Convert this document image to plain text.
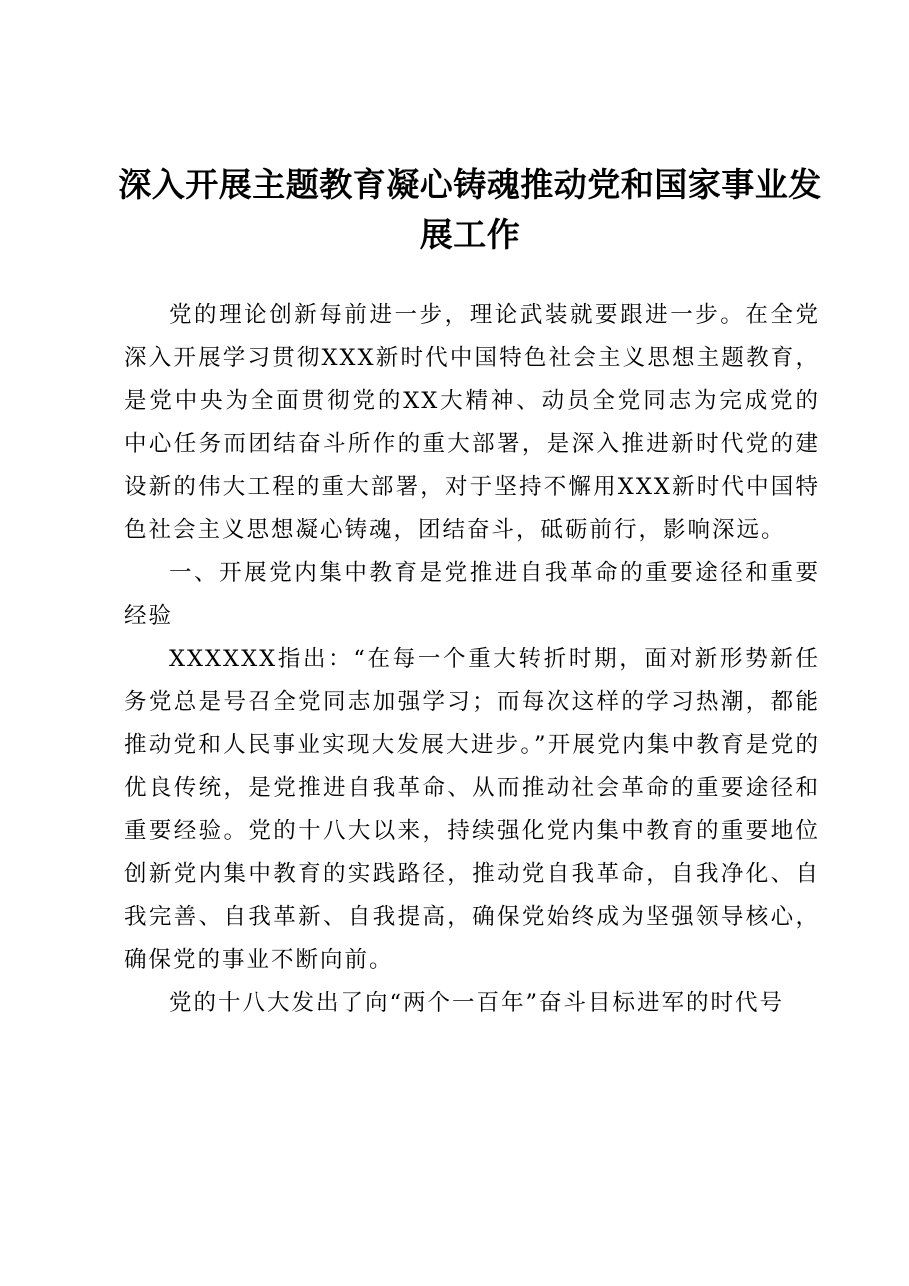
深入开展主题教育凝心铸魂推动党和国家事业发展工作

党的理论创新每前进一步，理论武装就要跟进一步。在全党深入开展学习贯彻XXX新时代中国特色社会主义思想主题教育，是党中央为全面贯彻党的XX大精神、动员全党同志为完成党的中心任务而团结奋斗所作的重大部署，是深入推进新时代党的建设新的伟大工程的重大部署，对于坚持不懈用XXX新时代中国特色社会主义思想凝心铸魂，团结奋斗，砥砺前行，影响深远。

一、开展党内集中教育是党推进自我革命的重要途径和重要经验

XXXXXX指出：“在每一个重大转折时期，面对新形势新任务党总是号召全党同志加强学习；而每次这样的学习热潮，都能推动党和人民事业实现大发展大进步。”开展党内集中教育是党的优良传统，是党推进自我革命、从而推动社会革命的重要途径和重要经验。党的十八大以来，持续强化党内集中教育的重要地位创新党内集中教育的实践路径，推动党自我革命，自我净化、自我完善、自我革新、自我提高，确保党始终成为坚强领导核心，确保党的事业不断向前。

党的十八大发出了向“两个一百年”奋斗目标进军的时代号
